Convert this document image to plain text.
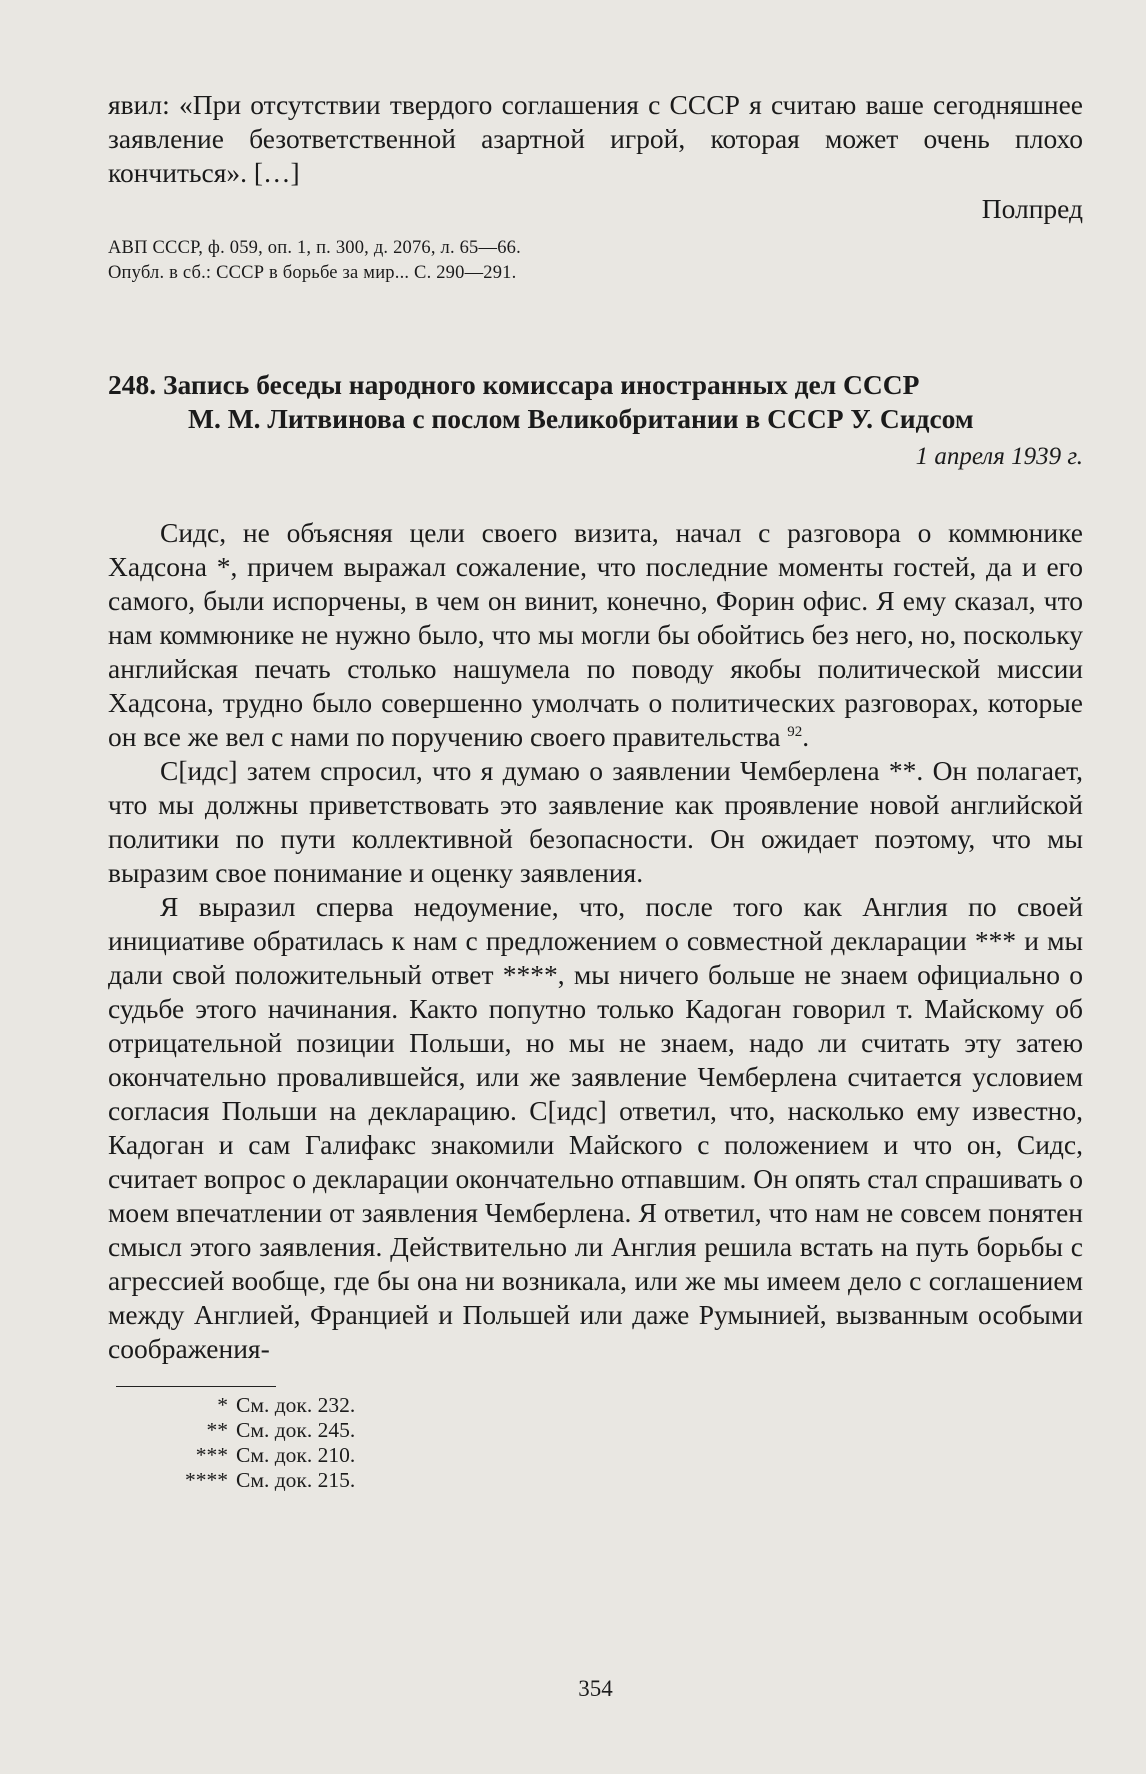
явил: «При отсутствии твердого соглашения с СССР я считаю ваше сегодняшнее заявление безответственной азартной игрой, которая может очень плохо кончиться». […]

Полпред
АВП СССР, ф. 059, оп. 1, п. 300, д. 2076, л. 65—66. Опубл. в сб.: СССР в борьбе за мир... С. 290—291.
248. Запись беседы народного комиссара иностранных дел СССР
М. М. Литвинова с послом Великобритании в СССР У. Сидсом
1 апреля 1939 г.

Сидс, не объясняя цели своего визита, начал с разговора о коммюнике Хадсона *, причем выражал сожаление, что последние моменты гостей, да и его самого, были испорчены, в чем он винит, конечно, Форин офис. Я ему сказал, что нам коммюнике не нужно было, что мы могли бы обойтись без него, но, поскольку английская печать столько нашумела по поводу якобы политической миссии Хадсона, трудно было совершенно умолчать о политических разговорах, которые он все же вел с нами по поручению своего правительства $^{92}$.

С[идс] затем спросил, что я думаю о заявлении Чемберлена **. Он полагает, что мы должны приветствовать это заявление как проявление новой английской политики по пути коллективной безопасности. Он ожидает поэтому, что мы выразим свое понимание и оценку заявления.

Я выразил сперва недоумение, что, после того как Англия по своей инициативе обратилась к нам с предложением о совместной декларации *** и мы дали свой положительный ответ ****, мы ничего больше не знаем официально о судьбе этого начинания. Както попутно только Кадоган говорил т. Майскому об отрицательной позиции Польши, но мы не знаем, надо ли считать эту затею окончательно провалившейся, или же заявление Чемберлена считается условием согласия Польши на декларацию. С[идс] ответил, что, насколько ему известно, Кадоган и сам Галифакс знакомили Майского с положением и что он, Сидс, считает вопрос о декларации окончательно отпавшим. Он опять стал спрашивать о моем впечатлении от заявления Чемберлена. Я ответил, что нам не совсем понятен смысл этого заявления. Действительно ли Англия решила встать на путь борьбы с агрессией вообще, где бы она ни возникала, или же мы имеем дело с соглашением между Англией, Францией и Польшей или даже Румынией, вызванным особыми соображения-

* См. док. 232.
** См. док. 245.
*** См. док. 210.
**** См. док. 215.
354
